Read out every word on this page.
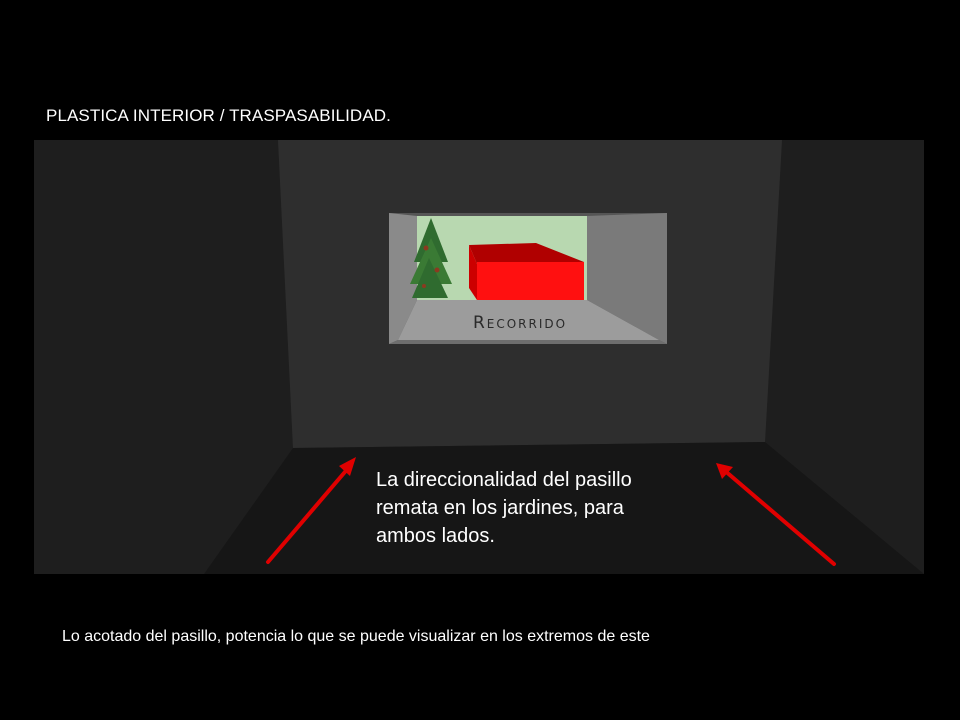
PLASTICA INTERIOR / TRASPASABILIDAD.
Recorrido
La direccionalidad del pasillo
remata en los jardines, para
ambos lados.
Lo acotado del pasillo, potencia lo que se puede visualizar en los extremos de este
